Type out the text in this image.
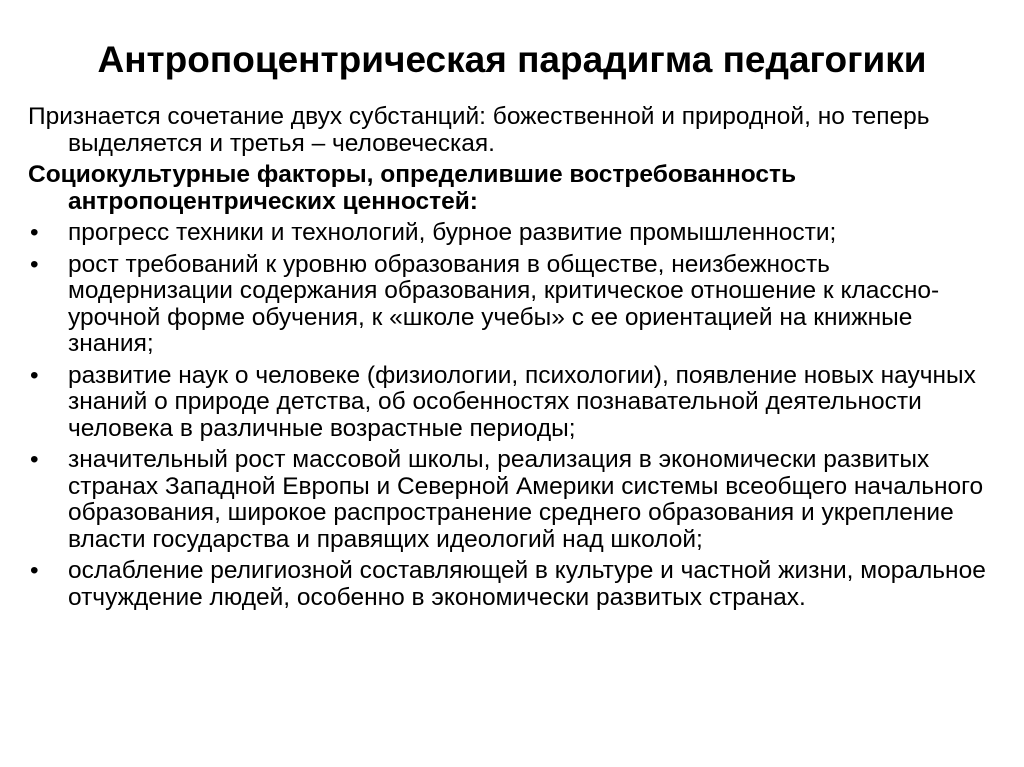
Антропоцентрическая парадигма педагогики

Признается сочетание двух субстанций: божественной и природной, но теперь выделяется и третья – человеческая.

Социокультурные факторы, определившие востребованность антропоцентрических ценностей:

• прогресс техники и технологий, бурное развитие промышленности;
• рост требований к уровню образования в обществе, неизбежность модернизации содержания образования, критическое отношение к классно-урочной форме обучения, к «школе учебы» с ее ориентацией на книжные знания;
• развитие наук о человеке (физиологии, психологии), появление новых научных знаний о природе детства, об особенностях познавательной деятельности человека в различные возрастные периоды;
• значительный рост массовой школы, реализация в экономически развитых странах Западной Европы и Северной Америки системы всеобщего начального образования, широкое распространение среднего образования и укрепление власти государства и правящих идеологий над школой;
• ослабление религиозной составляющей в культуре и частной жизни, моральное отчуждение людей, особенно в экономически развитых странах.
